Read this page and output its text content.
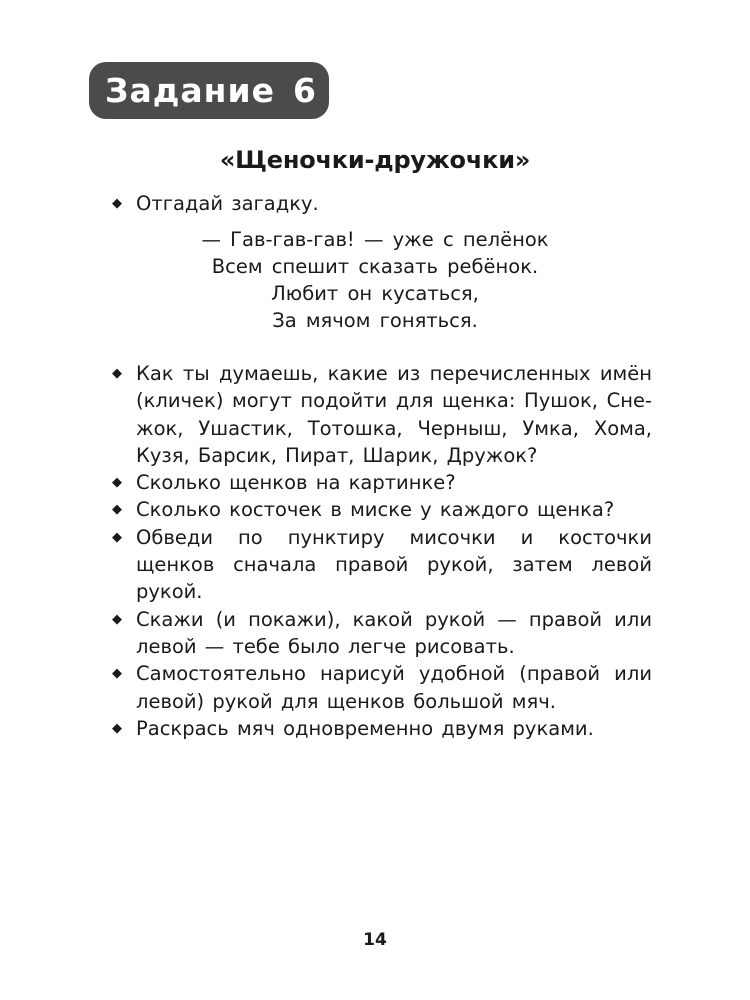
Задание 6
«Щеночки-дружочки»
◆ Отгадай загадку.
— Гав-гав-гав! — уже с пелёнок
Всем спешит сказать ребёнок.
Любит он кусаться,
За мячом гоняться.
◆ Как ты думаешь, какие из перечисленных имён (кличек) могут подойти для щенка: Пушок, Снежок, Ушастик, Тотошка, Черныш, Умка, Хома, Кузя, Барсик, Пират, Шарик, Дружок?
◆ Сколько щенков на картинке?
◆ Сколько косточек в миске у каждого щенка?
◆ Обведи по пунктиру мисочки и косточки щенков сначала правой рукой, затем левой рукой.
◆ Скажи (и покажи), какой рукой — правой или левой — тебе было легче рисовать.
◆ Самостоятельно нарисуй удобной (правой или левой) рукой для щенков большой мяч.
◆ Раскрась мяч одновременно двумя руками.
14
